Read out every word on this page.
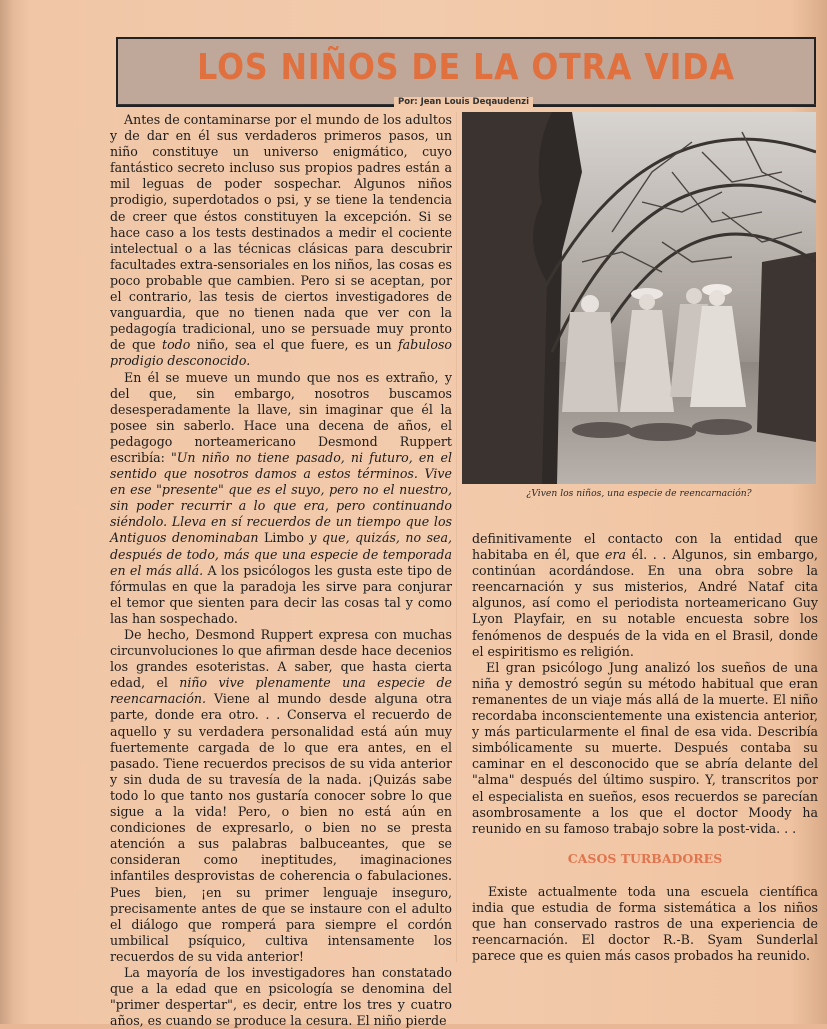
LOS NIÑOS DE LA OTRA VIDA
Por: Jean Louis Deqaudenzi

Antes de contaminarse por el mundo de los adultos y de dar en él sus verdaderos primeros pasos, un niño constituye un universo enigmático, cuyo fantástico secreto incluso sus propios padres están a mil leguas de poder sospechar. Algunos niños prodigio, superdotados o psi, y se tiene la tendencia de creer que éstos constituyen la excepción. Si se hace caso a los tests destinados a medir el cociente intelectual o a las técnicas clásicas para descubrir facultades extra-sensoriales en los niños, las cosas es poco probable que cambien. Pero si se aceptan, por el contrario, las tesis de ciertos investigadores de vanguardia, que no tienen nada que ver con la pedagogía tradicional, uno se persuade muy pronto de que todo niño, sea el que fuere, es un fabuloso prodigio desconocido.

En él se mueve un mundo que nos es extraño, y del que, sin embargo, nosotros buscamos desesperadamente la llave, sin imaginar que él la posee sin saberlo. Hace una decena de años, el pedagogo norteamericano Desmond Ruppert escribía: "Un niño no tiene pasado, ni futuro, en el sentido que nosotros damos a estos términos. Vive en ese "presente" que es el suyo, pero no el nuestro, sin poder recurrir a lo que era, pero continuando siéndolo. Lleva en sí recuerdos de un tiempo que los Antiguos denominaban Limbo y que, quizás, no sea, después de todo, más que una especie de temporada en el más allá. A los psicólogos les gusta este tipo de fórmulas en que la paradoja les sirve para conjurar el temor que sienten para decir las cosas tal y como las han sospechado.

De hecho, Desmond Ruppert expresa con muchas circunvoluciones lo que afirman desde hace decenios los grandes esoteristas. A saber, que hasta cierta edad, el niño vive plenamente una especie de reencarnación. Viene al mundo desde alguna otra parte, donde era otro. . . Conserva el recuerdo de aquello y su verdadera personalidad está aún muy fuertemente cargada de lo que era antes, en el pasado. Tiene recuerdos precisos de su vida anterior y sin duda de su travesía de la nada. ¡Quizás sabe todo lo que tanto nos gustaría conocer sobre lo que sigue a la vida! Pero, o bien no está aún en condiciones de expresarlo, o bien no se presta atención a sus palabras balbuceantes, que se consideran como ineptitudes, imaginaciones infantiles desprovistas de coherencia o fabulaciones. Pues bien, ¡en su primer lenguaje inseguro, precisamente antes de que se instaure con el adulto el diálogo que romperá para siempre el cordón umbilical psíquico, cultiva intensamente los recuerdos de su vida anterior!

La mayoría de los investigadores han constatado que a la edad que en psicología se denomina del "primer despertar", es decir, entre los tres y cuatro años, es cuando se produce la cesura. El niño pierde

¿Viven los niños, una especie de reencarnación?

definitivamente el contacto con la entidad que habitaba en él, que era él. . . Algunos, sin embargo, continúan acordándose. En una obra sobre la reencarnación y sus misterios, André Nataf cita algunos, así como el periodista norteamericano Guy Lyon Playfair, en su notable encuesta sobre los fenómenos de después de la vida en el Brasil, donde el espiritismo es religión.

El gran psicólogo Jung analizó los sueños de una niña y demostró según su método habitual que eran remanentes de un viaje más allá de la muerte. El niño recordaba inconscientemente una existencia anterior, y más particularmente el final de esa vida. Describía simbólicamente su muerte. Después contaba su caminar en el desconocido que se abría delante del "alma" después del último suspiro. Y, transcritos por el especialista en sueños, esos recuerdos se parecían asombrosamente a los que el doctor Moody ha reunido en su famoso trabajo sobre la post-vida. . .

CASOS TURBADORES

Existe actualmente toda una escuela científica india que estudia de forma sistemática a los niños que han conservado rastros de una experiencia de reencarnación. El doctor R.-B. Syam Sunderlal parece que es quien más casos probados ha reunido.
